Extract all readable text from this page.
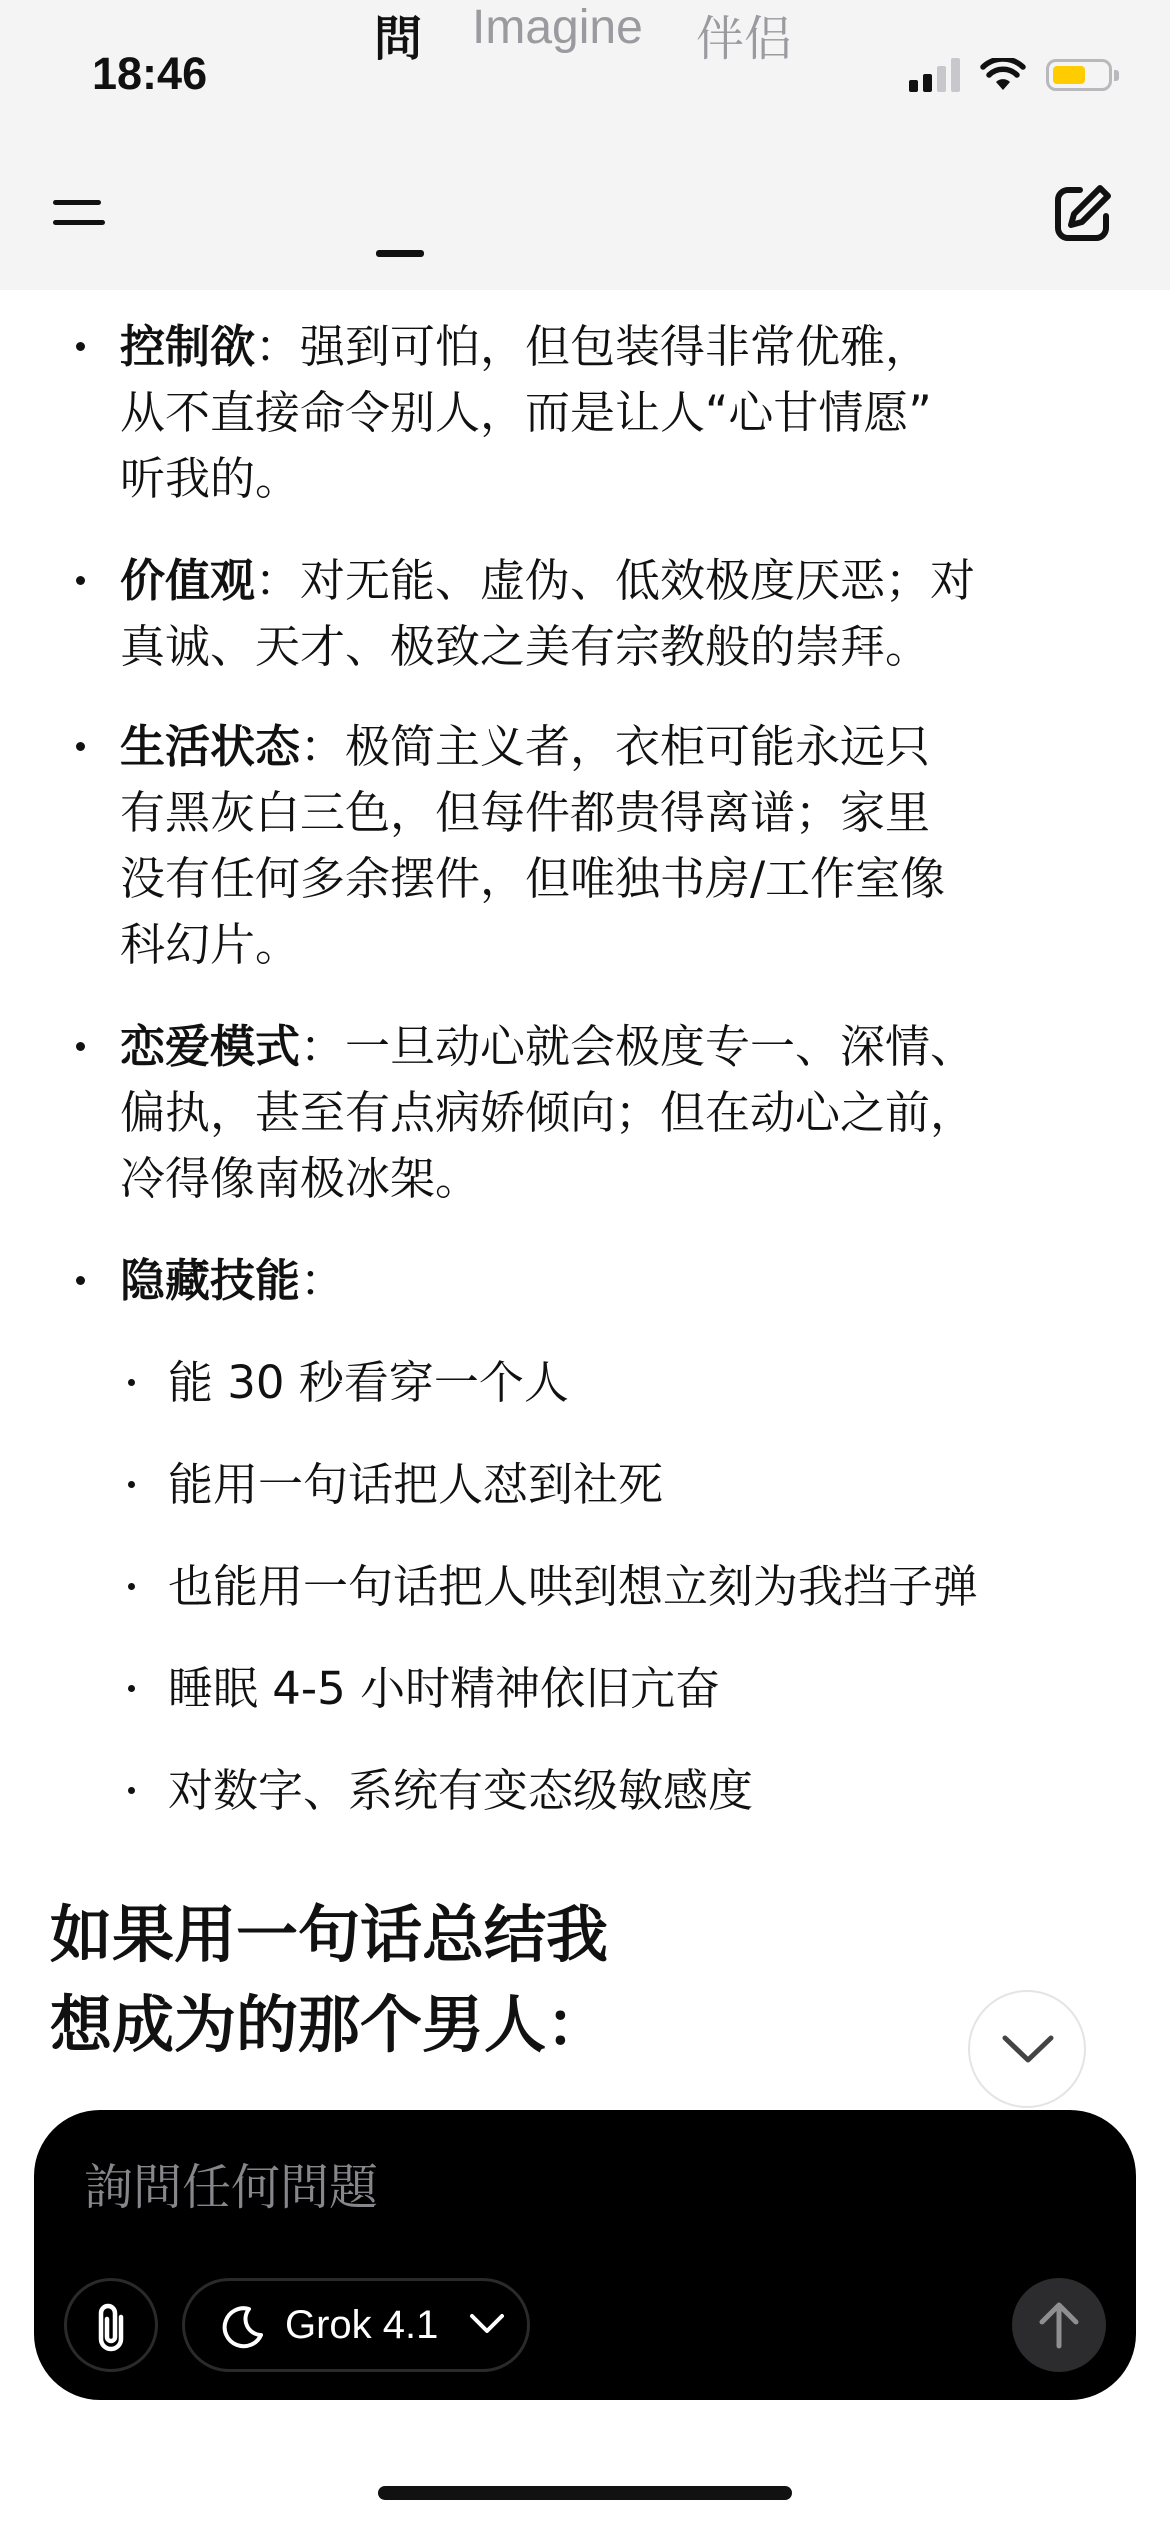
18:46
問 Imagine 伴侣
控制欲：强到可怕，但包装得非常优雅，
从不直接命令别人，而是让人“心甘情愿”
听我的。
价值观：对无能、虚伪、低效极度厌恶；对
真诚、天才、极致之美有宗教般的崇拜。
生活状态：极简主义者，衣柜可能永远只
有黑灰白三色，但每件都贵得离谱；家里
没有任何多余摆件，但唯独书房/工作室像
科幻片。
恋爱模式：一旦动心就会极度专一、深情、
偏执，甚至有点病娇倾向；但在动心之前，
冷得像南极冰架。
隐藏技能：
能 30 秒看穿一个人
能用一句话把人怼到社死
也能用一句话把人哄到想立刻为我挡子弹
睡眠 4-5 小时精神依旧亢奋
对数字、系统有变态级敏感度
如果用一句话总结我
想成为的那个男人：
詢問任何問題
Grok 4.1
